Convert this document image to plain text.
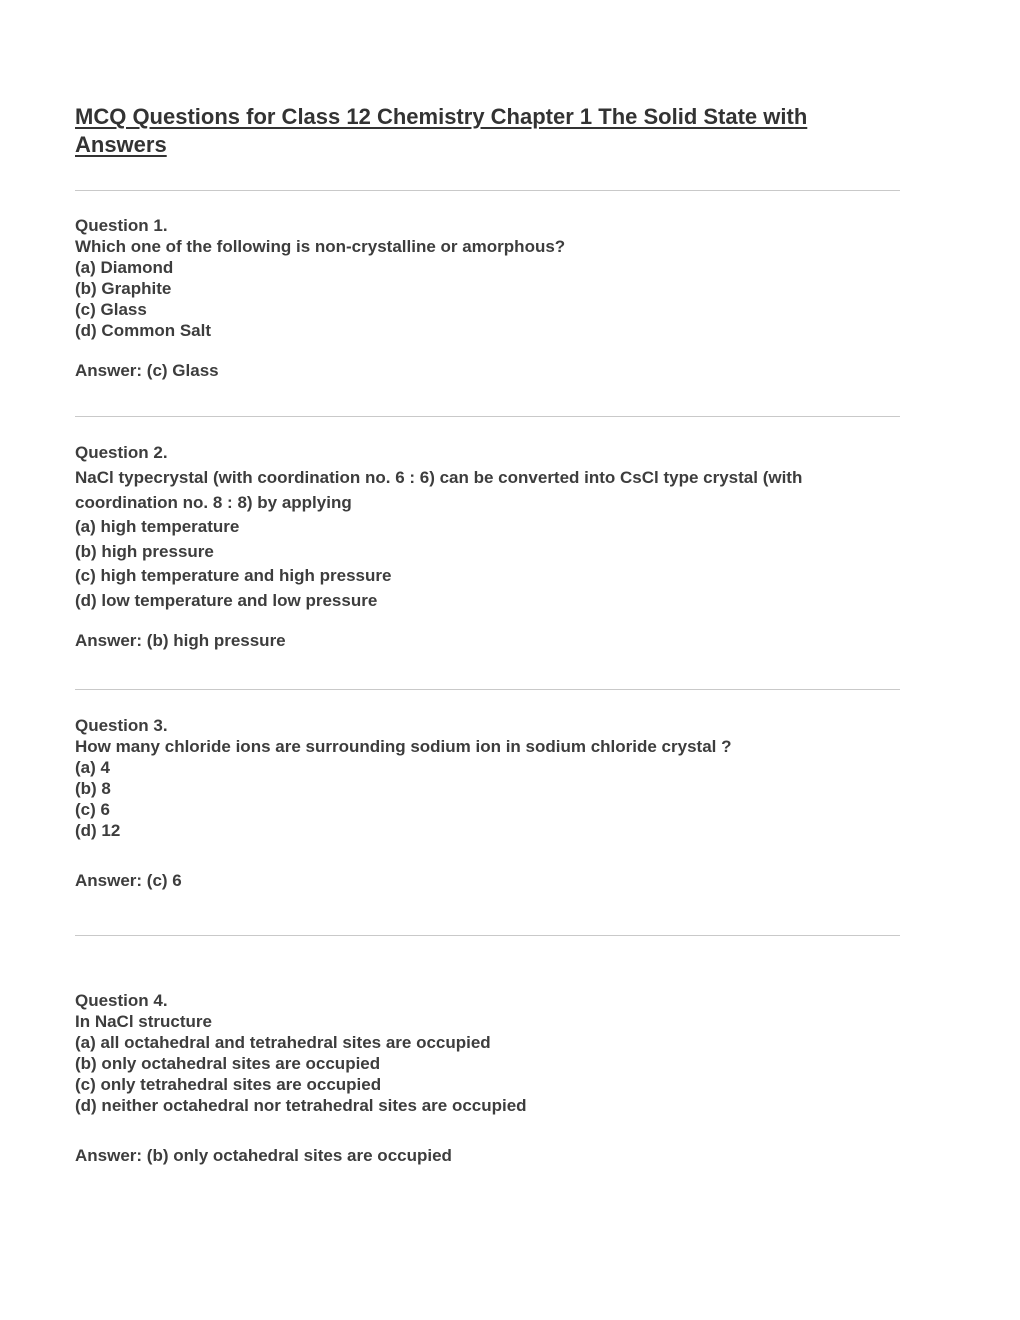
MCQ Questions for Class 12 Chemistry Chapter 1 The Solid State with Answers
Question 1.
Which one of the following is non-crystalline or amorphous?
(a) Diamond
(b) Graphite
(c) Glass
(d) Common Salt
Answer: (c) Glass
Question 2.
NaCl typecrystal (with coordination no. 6 : 6) can be converted into CsCl type crystal (with coordination no. 8 : 8) by applying
(a) high temperature
(b) high pressure
(c) high temperature and high pressure
(d) low temperature and low pressure
Answer: (b) high pressure
Question 3.
How many chloride ions are surrounding sodium ion in sodium chloride crystal ?
(a) 4
(b) 8
(c) 6
(d) 12
Answer: (c) 6
Question 4.
In NaCl structure
(a) all octahedral and tetrahedral sites are occupied
(b) only octahedral sites are occupied
(c) only tetrahedral sites are occupied
(d) neither octahedral nor tetrahedral sites are occupied
Answer: (b) only octahedral sites are occupied
